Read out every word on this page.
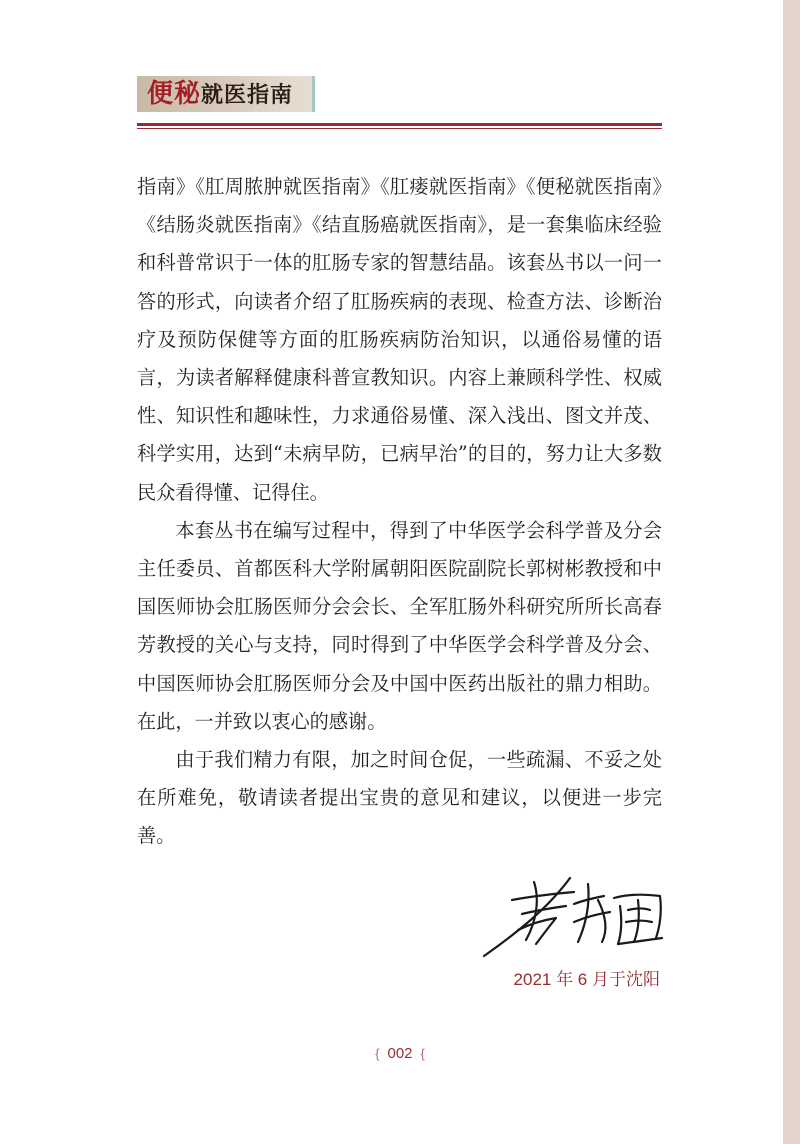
便秘就医指南

指南》《肛周脓肿就医指南》《肛瘘就医指南》《便秘就医指南》《结肠炎就医指南》《结直肠癌就医指南》，是一套集临床经验和科普常识于一体的肛肠专家的智慧结晶。该套丛书以一问一答的形式，向读者介绍了肛肠疾病的表现、检查方法、诊断治疗及预防保健等方面的肛肠疾病防治知识，以通俗易懂的语言，为读者解释健康科普宣教知识。内容上兼顾科学性、权威性、知识性和趣味性，力求通俗易懂、深入浅出、图文并茂、科学实用，达到“未病早防，已病早治”的目的，努力让大多数民众看得懂、记得住。

本套丛书在编写过程中，得到了中华医学会科学普及分会主任委员、首都医科大学附属朝阳医院副院长郭树彬教授和中国医师协会肛肠医师分会会长、全军肛肠外科研究所所长高春芳教授的关心与支持，同时得到了中华医学会科学普及分会、中国医师协会肛肠医师分会及中国中医药出版社的鼎力相助。在此，一并致以衷心的感谢。

由于我们精力有限，加之时间仓促，一些疏漏、不妥之处在所难免，敬请读者提出宝贵的意见和建议，以便进一步完善。

2021 年 6 月于沈阳
{ 002 {
